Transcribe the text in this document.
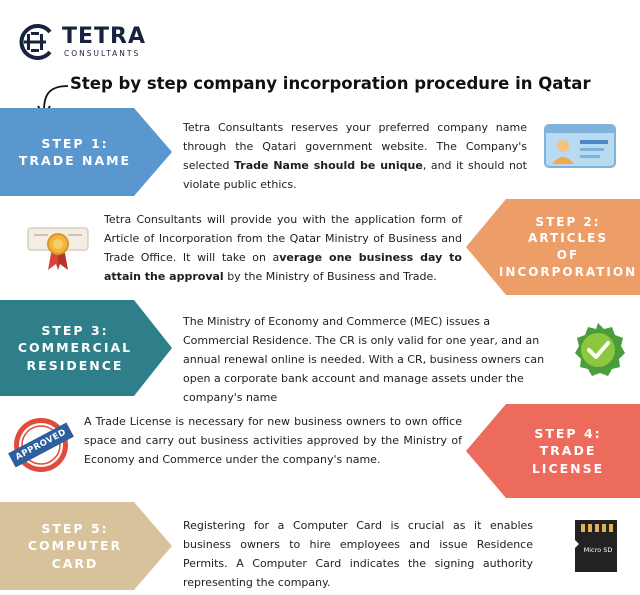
TETRA
CONSULTANTS
Step by step company incorporation procedure in Qatar
STEP 1:
TRADE NAME
Tetra Consultants reserves your preferred company name through the Qatari government website. The Company's selected Trade Name should be unique, and it should not violate public ethics.
STEP 2:
ARTICLES
OF
INCORPORATION
Tetra Consultants will provide you with the application form of Article of Incorporation from the Qatar Ministry of Business and Trade Office. It will take on average one business day to attain the approval by the Ministry of Business and Trade.
STEP 3:
COMMERCIAL
RESIDENCE
The Ministry of Economy and Commerce (MEC) issues a Commercial Residence. The CR is only valid for one year, and an annual renewal online is needed. With a CR, business owners can open a corporate bank account and manage assets under the company's name
STEP 4:
TRADE
LICENSE
A Trade License is necessary for new business owners to own office space and carry out business activities approved by the Ministry of Economy and Commerce under the company's name.
APPROVED
STEP 5:
COMPUTER
CARD
Registering for a Computer Card is crucial as it enables business owners to hire employees and issue Residence Permits. A Computer Card indicates the signing authority representing the company.
Micro SD
